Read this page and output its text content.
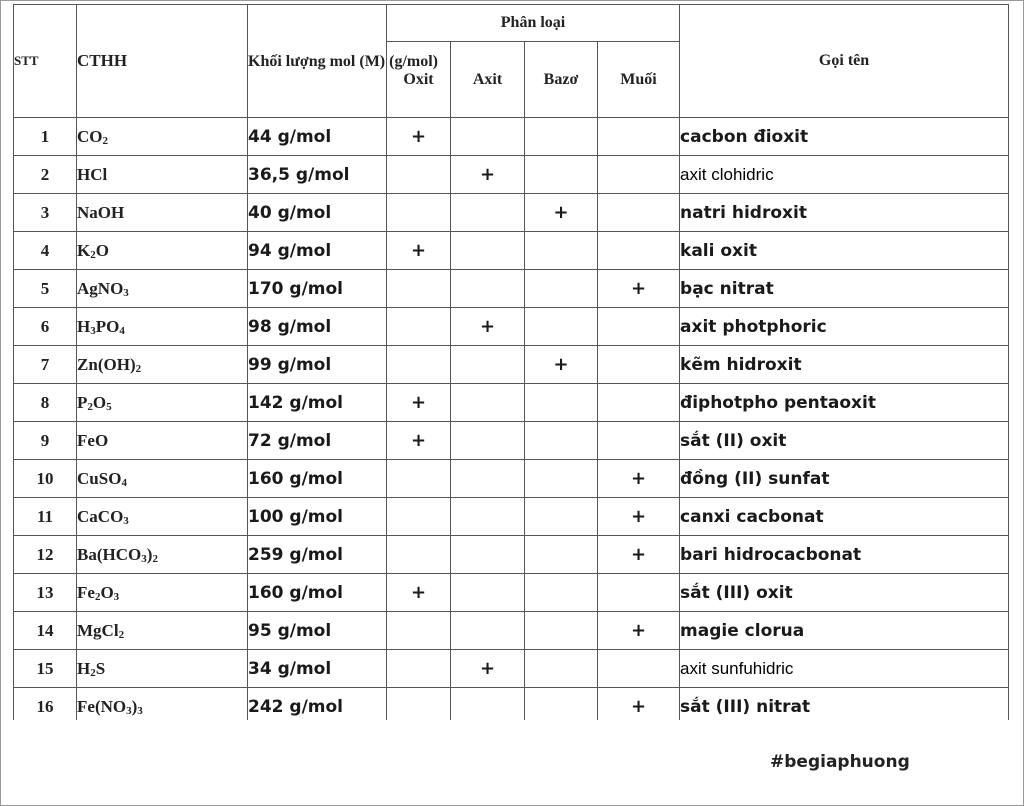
STT	CTHH	Khối lượng mol (M) (g/mol)	Phân loại				Gọi tên
			Oxit	Axit	Bazơ	Muối	
1	$CO_2$	44 g/mol	+				cacbon đioxit
2	HCl	36,5 g/mol		+			axit clohidric
3	NaOH	40 g/mol			+		natri hidroxit
4	$K_2O$	94 g/mol	+				kali oxit
5	AgNO$_3$	170 g/mol				+	bạc nitrat
6	$H_3PO_4$	98 g/mol		+			axit photphoric
7	$Zn(OH)_2$	99 g/mol			+		kẽm hidroxit
8	$P_2O_5$	142 g/mol	+				điphotpho pentaoxit
9	FeO	72 g/mol	+				sắt (II) oxit
10	CuSO$_4$	160 g/mol				+	đồng (II) sunfat
11	CaCO$_3$	100 g/mol				+	canxi cacbonat
12	$Ba(HCO_3)_2$	259 g/mol				+	bari hidrocacbonat
13	$Fe_2O_3$	160 g/mol	+				sắt (III) oxit
14	MgCl$_2$	95 g/mol				+	magie clorua
15	$H_2S$	34 g/mol		+			axit sunfuhidric
16	$Fe(NO_3)_3$	242 g/mol				+	sắt (III) nitrat
#begiaphuong
